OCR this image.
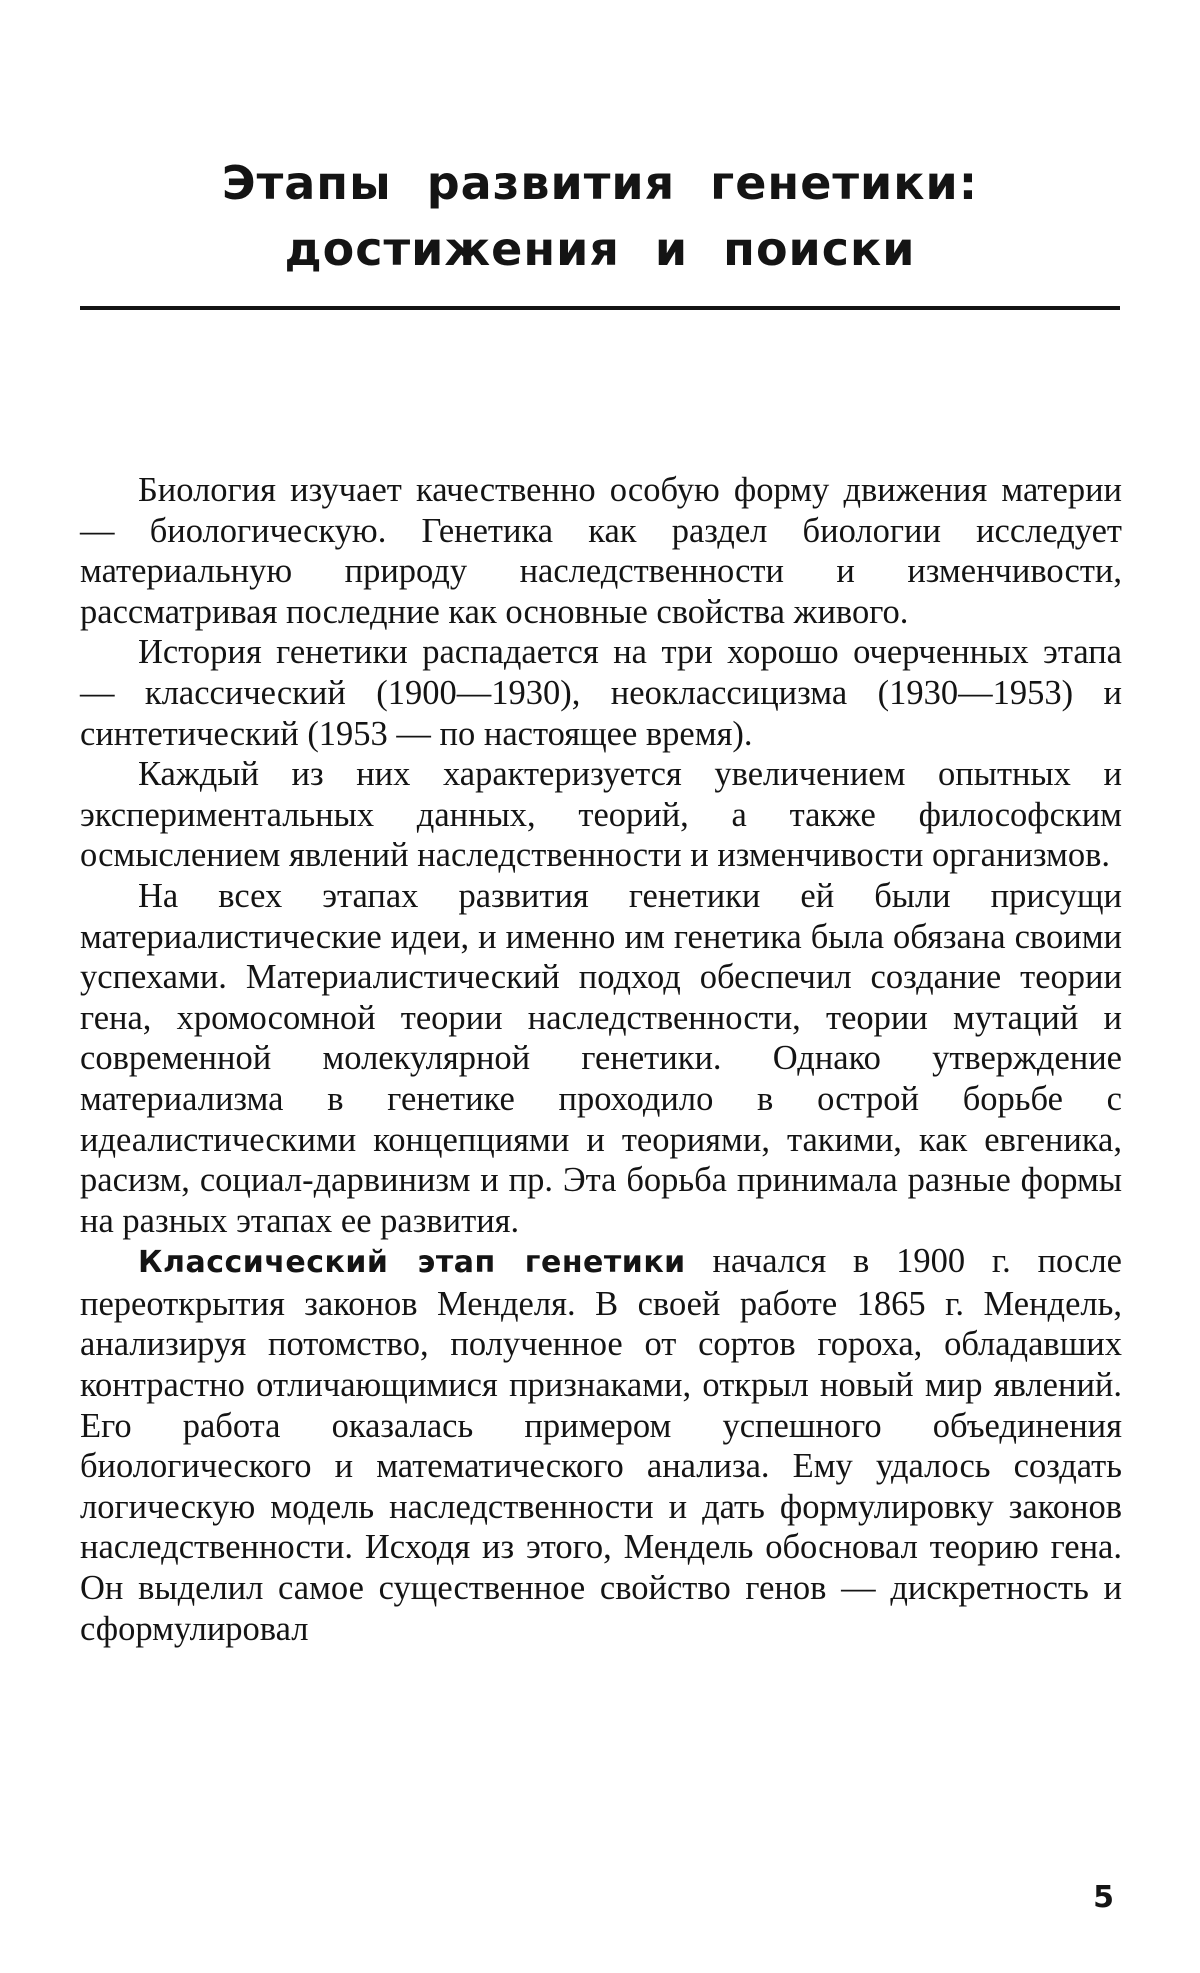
Этапы развития генетики:
достижения и поиски

Биология изучает качественно особую форму движения материи — биологическую. Генетика как раздел биологии исследует материальную природу наследственности и изменчивости, рассматривая последние как основные свойства живого.

История генетики распадается на три хорошо очерченных этапа — классический (1900—1930), неоклассицизма (1930—1953) и синтетический (1953 — по настоящее время).

Каждый из них характеризуется увеличением опытных и экспериментальных данных, теорий, а также философским осмыслением явлений наследственности и изменчивости организмов.

На всех этапах развития генетики ей были присущи материалистические идеи, и именно им генетика была обязана своими успехами. Материалистический подход обеспечил создание теории гена, хромосомной теории наследственности, теории мутаций и современной молекулярной генетики. Однако утверждение материализма в генетике проходило в острой борьбе с идеалистическими концепциями и теориями, такими, как евгеника, расизм, социал-дарвинизм и пр. Эта борьба принимала разные формы на разных этапах ее развития.

Классический этап генетики начался в 1900 г. после переоткрытия законов Менделя. В своей работе 1865 г. Мендель, анализируя потомство, полученное от сортов гороха, обладавших контрастно отличающимися признаками, открыл новый мир явлений. Его работа оказалась примером успешного объединения биологического и математического анализа. Ему удалось создать логическую модель наследственности и дать формулировку законов наследственности. Исходя из этого, Мендель обосновал теорию гена. Он выделил самое существенное свойство генов — дискретность и сформулировал

5
